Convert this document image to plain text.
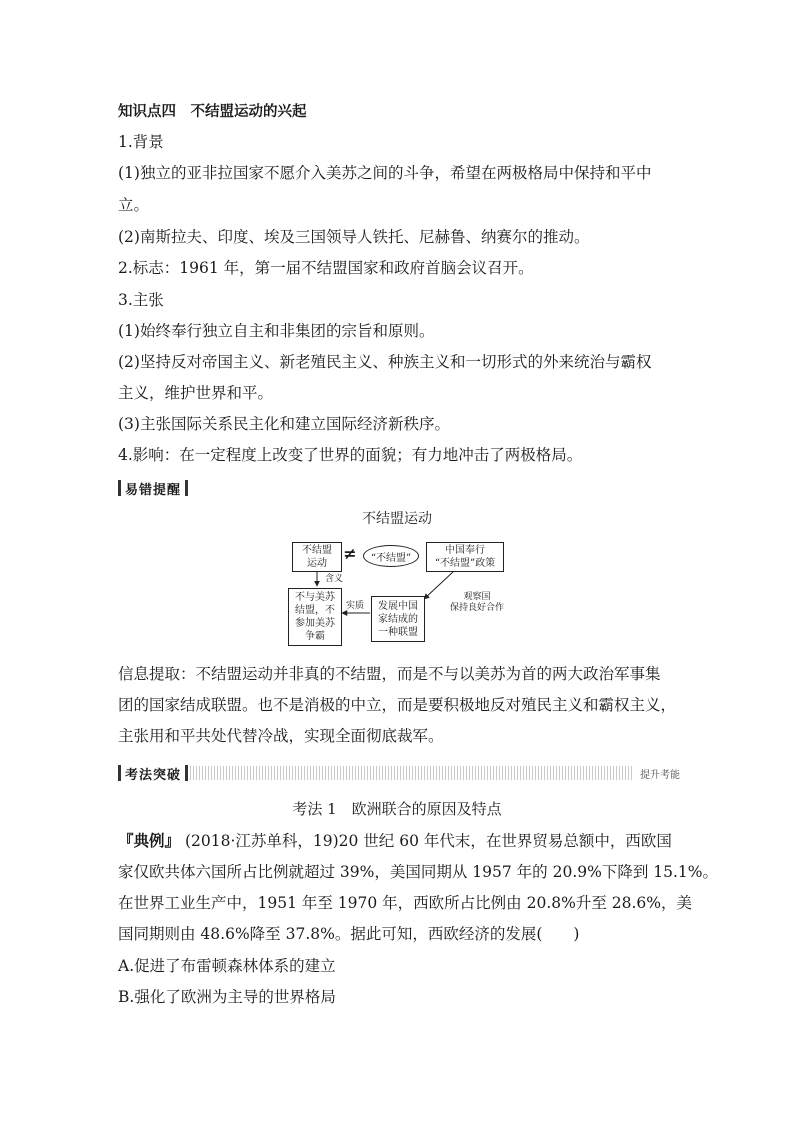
知识点四　不结盟运动的兴起
1.背景
(1)独立的亚非拉国家不愿介入美苏之间的斗争，希望在两极格局中保持和平中
立。
(2)南斯拉夫、印度、埃及三国领导人铁托、尼赫鲁、纳赛尔的推动。
2.标志：1961 年，第一届不结盟国家和政府首脑会议召开。
3.主张
(1)始终奉行独立自主和非集团的宗旨和原则。
(2)坚持反对帝国主义、新老殖民主义、种族主义和一切形式的外来统治与霸权
主义，维护世界和平。
(3)主张国际关系民主化和建立国际经济新秩序。
4.影响：在一定程度上改变了世界的面貌；有力地冲击了两极格局。
易错提醒
不结盟运动
不结盟
运动
≠	“不结盟”
中国奉行
“不结盟”政策
含义
不与美苏
结盟，不
参加美苏
争霸
实质	发展中国
家结成的
一种联盟
观察国
保持良好合作
信息提取：不结盟运动并非真的不结盟，而是不与以美苏为首的两大政治军事集
团的国家结成联盟。也不是消极的中立，而是要积极地反对殖民主义和霸权主义，
主张用和平共处代替冷战，实现全面彻底裁军。
考法突破	提升考能
考法 1　欧洲联合的原因及特点
『典例』 (2018·江苏单科，19)20 世纪 60 年代末，在世界贸易总额中，西欧国
家仅欧共体六国所占比例就超过 39%，美国同期从 1957 年的 20.9%下降到 15.1%。
在世界工业生产中，1951 年至 1970 年，西欧所占比例由 20.8%升至 28.6%，美
国同期则由 48.6%降至 37.8%。据此可知，西欧经济的发展(　　)
A.促进了布雷顿森林体系的建立
B.强化了欧洲为主导的世界格局
